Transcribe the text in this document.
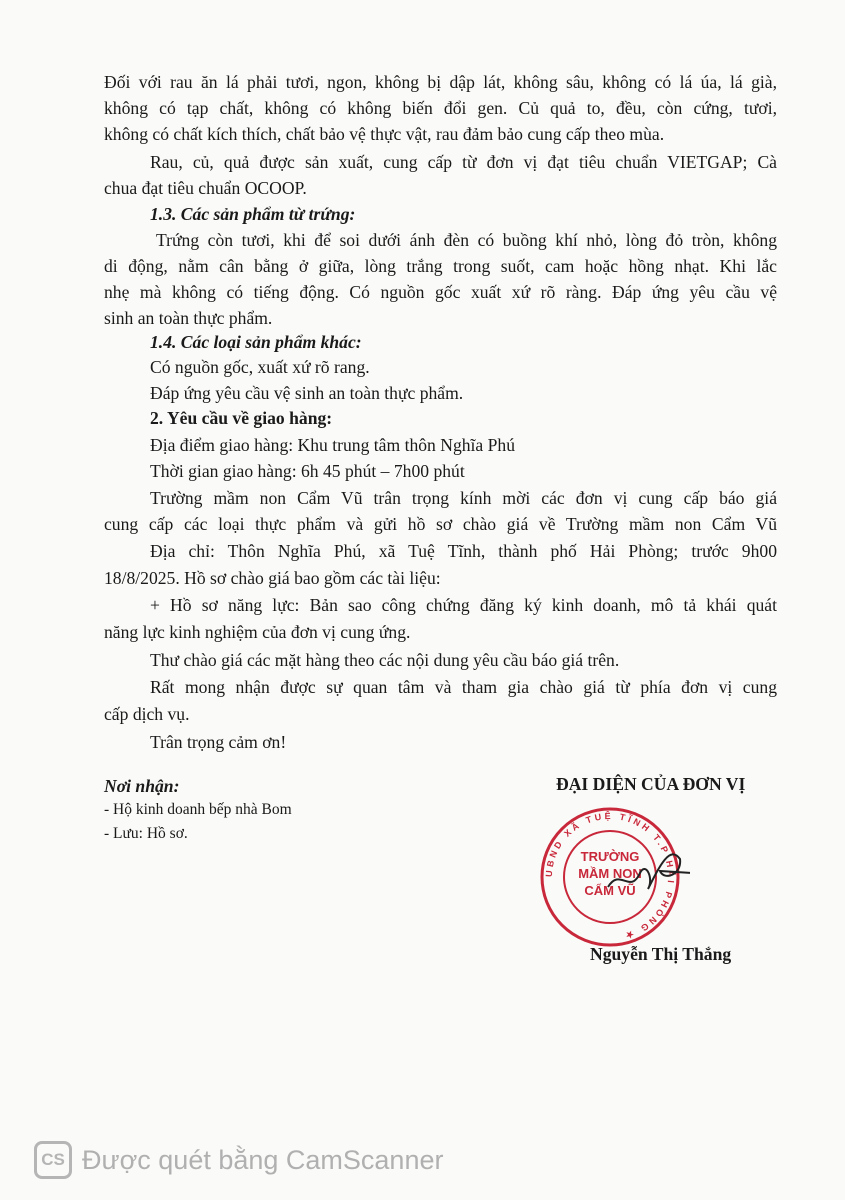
Đối với rau ăn lá phải tươi, ngon, không bị dập lát, không sâu, không có lá úa, lá già,
không có tạp chất, không có không biến đổi gen. Củ quả to, đều, còn cứng, tươi,
không có chất kích thích, chất bảo vệ thực vật, rau đảm bảo cung cấp theo mùa.
Rau, củ, quả được sản xuất, cung cấp từ đơn vị đạt tiêu chuẩn VIETGAP; Cà
chua đạt tiêu chuẩn OCOOP.
1.3. Các sản phẩm từ trứng:
Trứng còn tươi, khi để soi dưới ánh đèn có buồng khí nhỏ, lòng đỏ tròn, không
di động, nằm cân bằng ở giữa, lòng trắng trong suốt, cam hoặc hồng nhạt. Khi lắc
nhẹ mà không có tiếng động. Có nguồn gốc xuất xứ rõ ràng. Đáp ứng yêu cầu vệ
sinh an toàn thực phẩm.
1.4. Các loại sản phẩm khác:
Có nguồn gốc, xuất xứ rõ rang.
Đáp ứng yêu cầu vệ sinh an toàn thực phẩm.
2. Yêu cầu về giao hàng:
Địa điểm giao hàng: Khu trung tâm thôn Nghĩa Phú
Thời gian giao hàng: 6h 45 phút – 7h00 phút
Trường mầm non Cẩm Vũ trân trọng kính mời các đơn vị cung cấp báo giá
cung cấp các loại thực phẩm và gửi hồ sơ chào giá về Trường mầm non Cẩm Vũ
Địa chỉ: Thôn Nghĩa Phú, xã Tuệ Tĩnh, thành phố Hải Phòng; trước 9h00
18/8/2025. Hồ sơ chào giá bao gồm các tài liệu:
+ Hồ sơ năng lực: Bản sao công chứng đăng ký kinh doanh, mô tả khái quát
năng lực kinh nghiệm của đơn vị cung ứng.
Thư chào giá các mặt hàng theo các nội dung yêu cầu báo giá trên.
Rất mong nhận được sự quan tâm và tham gia chào giá từ phía đơn vị cung
cấp dịch vụ.
Trân trọng cảm ơn!
Nơi nhận:
- Hộ kinh doanh bếp nhà Bom
- Lưu: Hồ sơ.
ĐẠI DIỆN CỦA ĐƠN VỊ
UBND XÃ TUỆ TĨNH T.P HẢI PHÒNG ★
TRƯỜNG
MẦM NON
CẨM VŨ
Nguyễn Thị Thắng
CS Được quét bằng CamScanner
